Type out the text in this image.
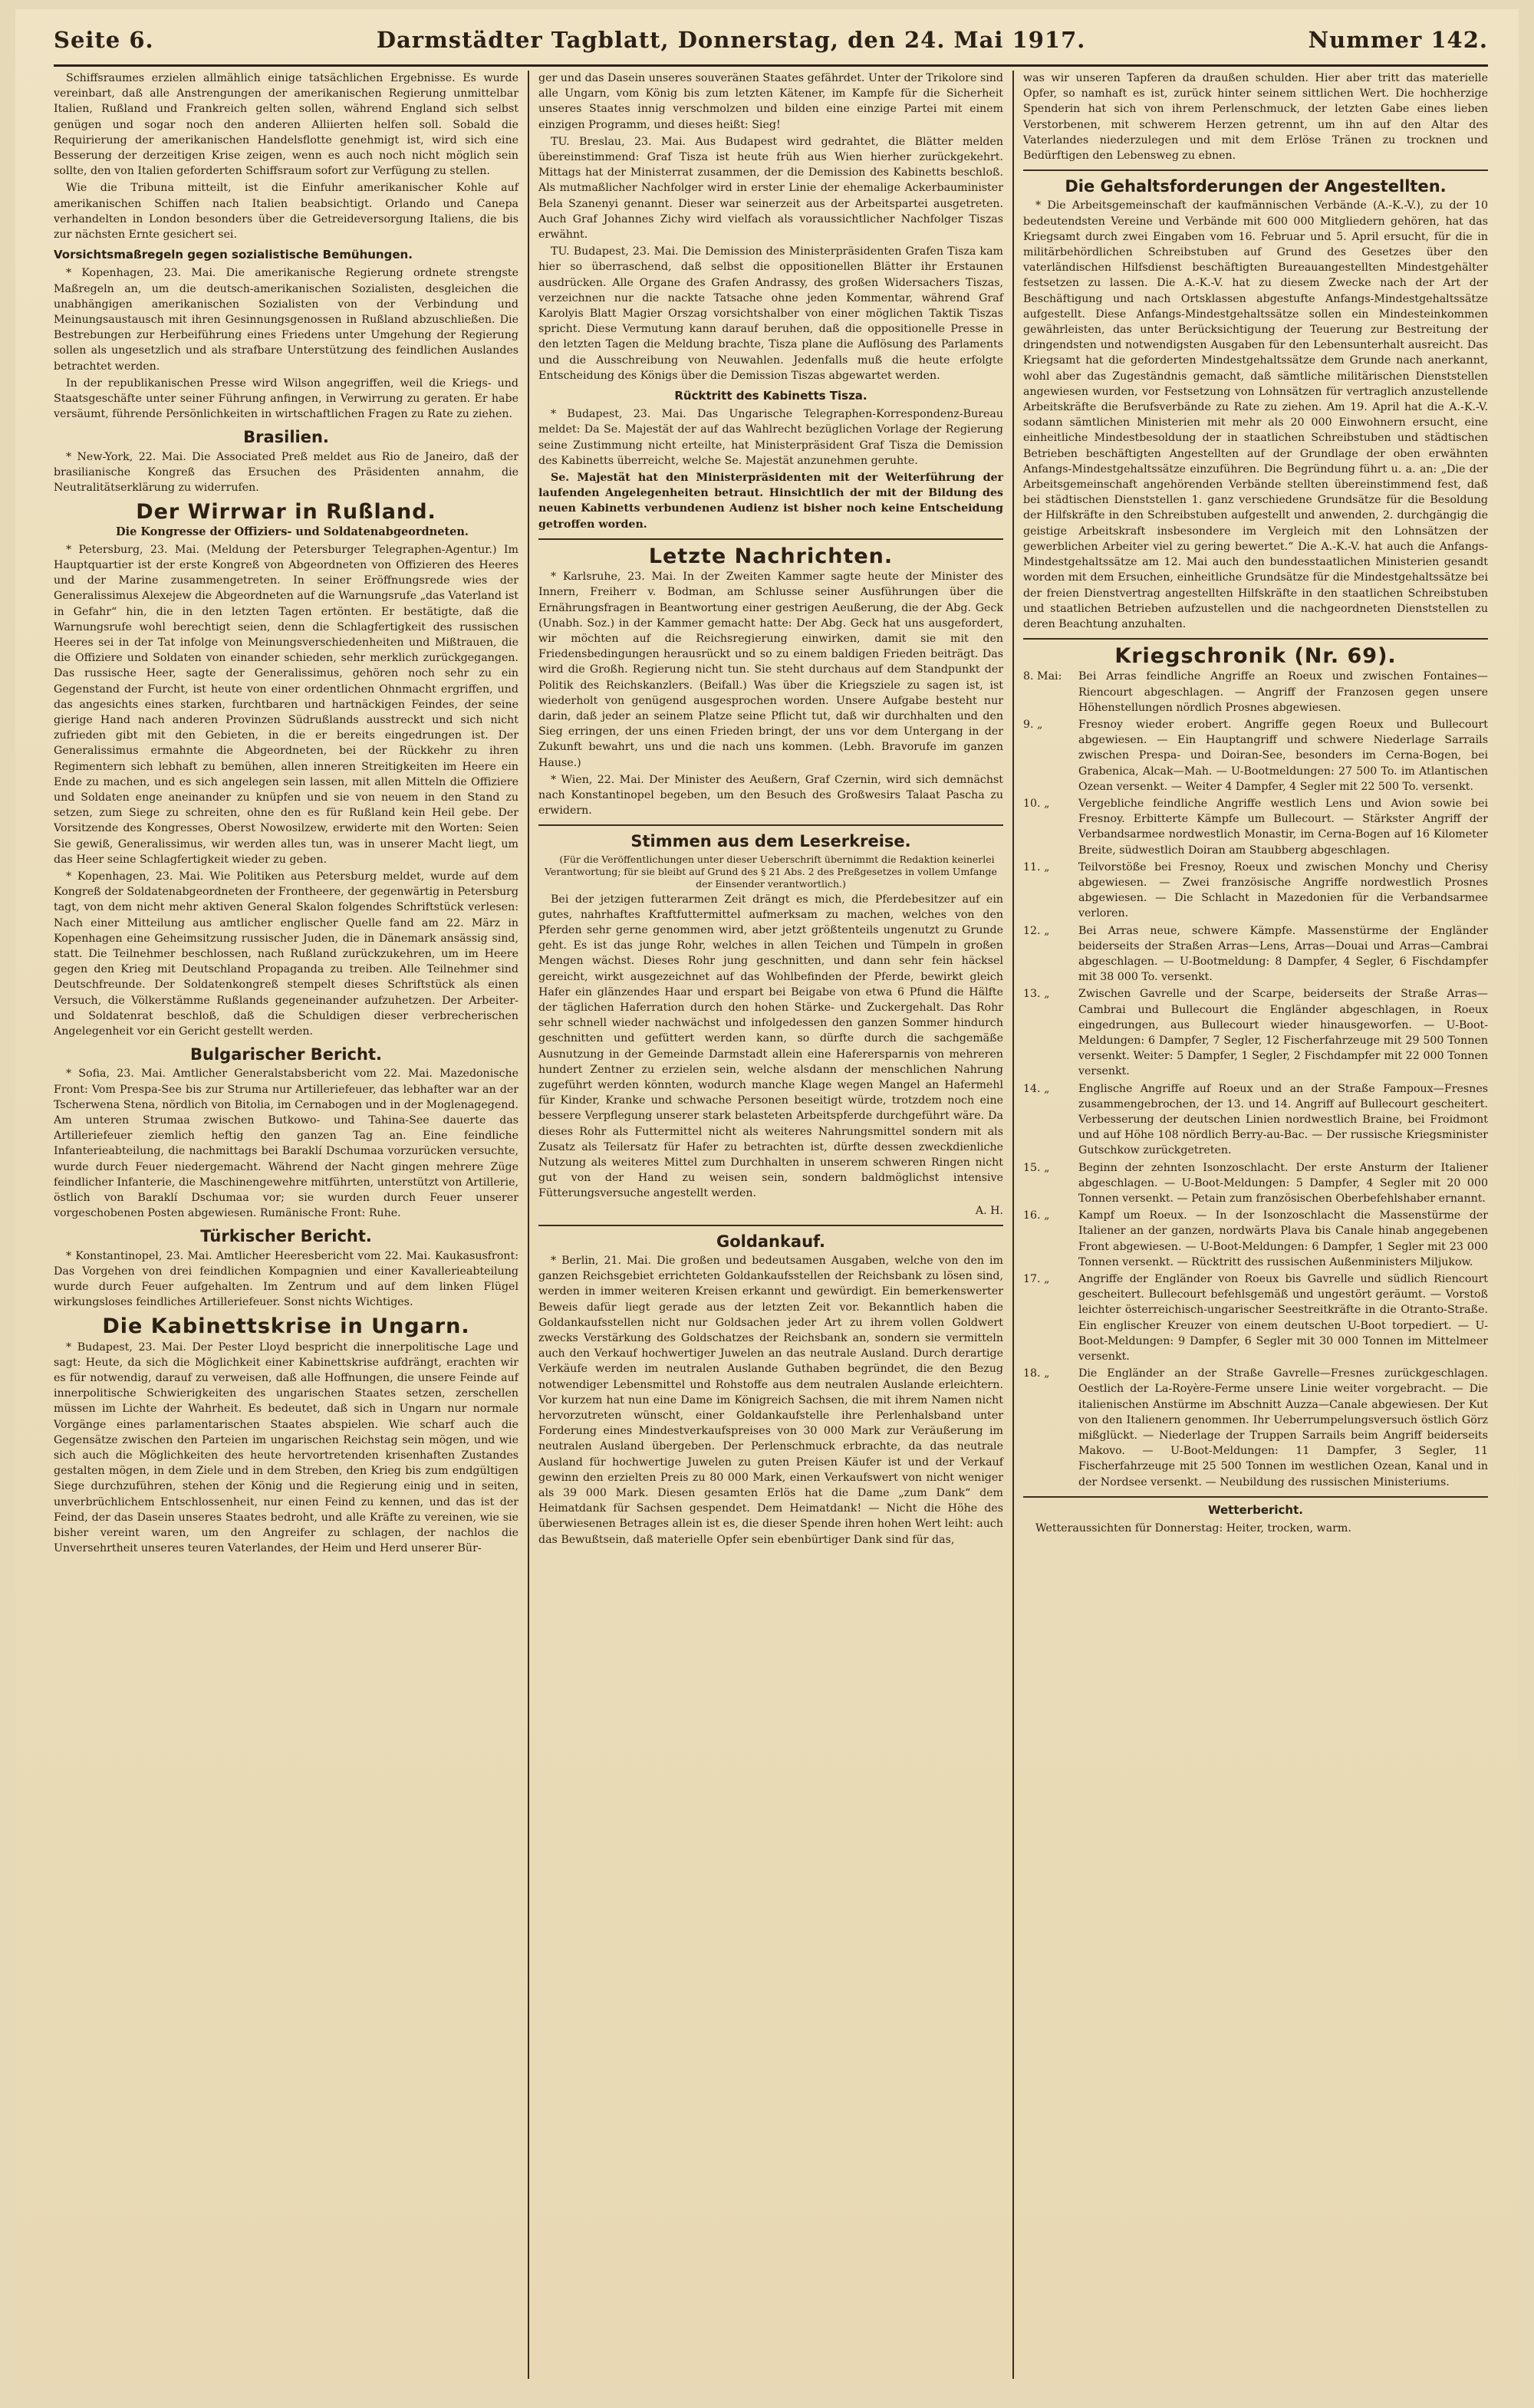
Seite 6.	Darmstädter Tagblatt, Donnerstag, den 24. Mai 1917.	Nummer 142.

Schiffsraumes erzielen allmählich einige tatsächlichen Ergebnisse. Es wurde vereinbart, daß alle Anstrengungen der amerikanischen Regierung unmittelbar Italien, Rußland und Frankreich gelten sollen, während England sich selbst genügen und sogar noch den anderen Alliierten helfen soll. Sobald die Requirierung der amerikanischen Handelsflotte genehmigt ist, wird sich eine Besserung der derzeitigen Krise zeigen, wenn es auch noch nicht möglich sein sollte, den von Italien geforderten Schiffsraum sofort zur Verfügung zu stellen.

Wie die Tribuna mitteilt, ist die Einfuhr amerikanischer Kohle auf amerikanischen Schiffen nach Italien beabsichtigt. Orlando und Canepa verhandelten in London besonders über die Getreideversorgung Italiens, die bis zur nächsten Ernte gesichert sei.

Vorsichtsmaßregeln gegen sozialistische Bemühungen.

* Kopenhagen, 23. Mai. Die amerikanische Regierung ordnete strengste Maßregeln an, um die deutsch-amerikanischen Sozialisten, desgleichen die unabhängigen amerikanischen Sozialisten von der Verbindung und Meinungsaustausch mit ihren Gesinnungsgenossen in Rußland abzuschließen. Die Bestrebungen zur Herbeiführung eines Friedens unter Umgehung der Regierung sollen als ungesetzlich und als strafbare Unterstützung des feindlichen Auslandes betrachtet werden.

In der republikanischen Presse wird Wilson angegriffen, weil die Kriegs- und Staatsgeschäfte unter seiner Führung anfingen, in Verwirrung zu geraten. Er habe versäumt, führende Persönlichkeiten in wirtschaftlichen Fragen zu Rate zu ziehen.

Brasilien.

* New-York, 22. Mai. Die Associated Preß meldet aus Rio de Janeiro, daß der brasilianische Kongreß das Ersuchen des Präsidenten annahm, die Neutralitätserklärung zu widerrufen.

Der Wirrwar in Rußland.

Die Kongresse der Offiziers- und Soldatenabgeordneten.

* Petersburg, 23. Mai. (Meldung der Petersburger Telegraphen-Agentur.) Im Hauptquartier ist der erste Kongreß von Abgeordneten von Offizieren des Heeres und der Marine zusammengetreten. In seiner Eröffnungsrede wies der Generalissimus Alexejew die Abgeordneten auf die Warnungsrufe „das Vaterland ist in Gefahr“ hin, die in den letzten Tagen ertönten. Er bestätigte, daß die Warnungsrufe wohl berechtigt seien, denn die Schlagfertigkeit des russischen Heeres sei in der Tat infolge von Meinungsverschiedenheiten und Mißtrauen, die die Offiziere und Soldaten von einander schieden, sehr merklich zurückgegangen. Das russische Heer, sagte der Generalissimus, gehören noch sehr zu ein Gegenstand der Furcht, ist heute von einer ordentlichen Ohnmacht ergriffen, und das angesichts eines starken, furchtbaren und hartnäckigen Feindes, der seine gierige Hand nach anderen Provinzen Südrußlands ausstreckt und sich nicht zufrieden gibt mit den Gebieten, in die er bereits eingedrungen ist. Der Generalissimus ermahnte die Abgeordneten, bei der Rückkehr zu ihren Regimentern sich lebhaft zu bemühen, allen inneren Streitigkeiten im Heere ein Ende zu machen, und es sich angelegen sein lassen, mit allen Mitteln die Offiziere und Soldaten enge aneinander zu knüpfen und sie von neuem in den Stand zu setzen, zum Siege zu schreiten, ohne den es für Rußland kein Heil gebe. Der Vorsitzende des Kongresses, Oberst Nowosilzew, erwiderte mit den Worten: Seien Sie gewiß, Generalissimus, wir werden alles tun, was in unserer Macht liegt, um das Heer seine Schlagfertigkeit wieder zu geben.

* Kopenhagen, 23. Mai. Wie Politiken aus Petersburg meldet, wurde auf dem Kongreß der Soldatenabgeordneten der Frontheere, der gegenwärtig in Petersburg tagt, von dem nicht mehr aktiven General Skalon folgendes Schriftstück verlesen: Nach einer Mitteilung aus amtlicher englischer Quelle fand am 22. März in Kopenhagen eine Geheimsitzung russischer Juden, die in Dänemark ansässig sind, statt. Die Teilnehmer beschlossen, nach Rußland zurückzukehren, um im Heere gegen den Krieg mit Deutschland Propaganda zu treiben. Alle Teilnehmer sind Deutschfreunde. Der Soldatenkongreß stempelt dieses Schriftstück als einen Versuch, die Völkerstämme Rußlands gegeneinander aufzuhetzen. Der Arbeiter- und Soldatenrat beschloß, daß die Schuldigen dieser verbrecherischen Angelegenheit vor ein Gericht gestellt werden.

Bulgarischer Bericht.

* Sofia, 23. Mai. Amtlicher Generalstabsbericht vom 22. Mai. Mazedonische Front: Vom Prespa-See bis zur Struma nur Artilleriefeuer, das lebhafter war an der Tscherwena Stena, nördlich von Bitolia, im Cernabogen und in der Moglenagegend. Am unteren Strumaa zwischen Butkowo- und Tahina-See dauerte das Artilleriefeuer ziemlich heftig den ganzen Tag an. Eine feindliche Infanterieabteilung, die nachmittags bei Baraklí Dschumaa vorzurücken versuchte, wurde durch Feuer niedergemacht. Während der Nacht gingen mehrere Züge feindlicher Infanterie, die Maschinengewehre mitführten, unterstützt von Artillerie, östlich von Baraklí Dschumaa vor; sie wurden durch Feuer unserer vorgeschobenen Posten abgewiesen. Rumänische Front: Ruhe.

Türkischer Bericht.

* Konstantinopel, 23. Mai. Amtlicher Heeresbericht vom 22. Mai. Kaukasusfront: Das Vorgehen von drei feindlichen Kompagnien und einer Kavallerieabteilung wurde durch Feuer aufgehalten. Im Zentrum und auf dem linken Flügel wirkungsloses feindliches Artilleriefeuer. Sonst nichts Wichtiges.

Die Kabinettskrise in Ungarn.

* Budapest, 23. Mai. Der Pester Lloyd bespricht die innerpolitische Lage und sagt: Heute, da sich die Möglichkeit einer Kabinettskrise aufdrängt, erachten wir es für notwendig, darauf zu verweisen, daß alle Hoffnungen, die unsere Feinde auf innerpolitische Schwierigkeiten des ungarischen Staates setzen, zerschellen müssen im Lichte der Wahrheit. Es bedeutet, daß sich in Ungarn nur normale Vorgänge eines parlamentarischen Staates abspielen. Wie scharf auch die Gegensätze zwischen den Parteien im ungarischen Reichstag sein mögen, und wie sich auch die Möglichkeiten des heute hervortretenden krisenhaften Zustandes gestalten mögen, in dem Ziele und in dem Streben, den Krieg bis zum endgültigen Siege durchzuführen, stehen der König und die Regierung einig und in seiten, unverbrüchlichem Entschlossenheit, nur einen Feind zu kennen, und das ist der Feind, der das Dasein unseres Staates bedroht, und alle Kräfte zu vereinen, wie sie bisher vereint waren, um den Angreifer zu schlagen, der nachlos die Unversehrtheit unseres teuren Vaterlandes, der Heim und Herd unserer Bür-

ger und das Dasein unseres souveränen Staates gefährdet. Unter der Trikolore sind alle Ungarn, vom König bis zum letzten Kätener, im Kampfe für die Sicherheit unseres Staates innig verschmolzen und bilden eine einzige Partei mit einem einzigen Programm, und dieses heißt: Sieg!

TU. Breslau, 23. Mai. Aus Budapest wird gedrahtet, die Blätter melden übereinstimmend: Graf Tisza ist heute früh aus Wien hierher zurückgekehrt. Mittags hat der Ministerrat zusammen, der die Demission des Kabinetts beschloß. Als mutmaßlicher Nachfolger wird in erster Linie der ehemalige Ackerbauminister Bela Szanenyi genannt. Dieser war seinerzeit aus der Arbeitspartei ausgetreten. Auch Graf Johannes Zichy wird vielfach als voraussichtlicher Nachfolger Tiszas erwähnt.

TU. Budapest, 23. Mai. Die Demission des Ministerpräsidenten Grafen Tisza kam hier so überraschend, daß selbst die oppositionellen Blätter ihr Erstaunen ausdrücken. Alle Organe des Grafen Andrassy, des großen Widersachers Tiszas, verzeichnen nur die nackte Tatsache ohne jeden Kommentar, während Graf Karolyis Blatt Magier Orszag vorsichtshalber von einer möglichen Taktik Tiszas spricht. Diese Vermutung kann darauf beruhen, daß die oppositionelle Presse in den letzten Tagen die Meldung brachte, Tisza plane die Auflösung des Parlaments und die Ausschreibung von Neuwahlen. Jedenfalls muß die heute erfolgte Entscheidung des Königs über die Demission Tiszas abgewartet werden.

Rücktritt des Kabinetts Tisza.

* Budapest, 23. Mai. Das Ungarische Telegraphen-Korrespondenz-Bureau meldet: Da Se. Majestät der auf das Wahlrecht bezüglichen Vorlage der Regierung seine Zustimmung nicht erteilte, hat Ministerpräsident Graf Tisza die Demission des Kabinetts überreicht, welche Se. Majestät anzunehmen geruhte.

Se. Majestät hat den Ministerpräsidenten mit der Weiterführung der laufenden Angelegenheiten betraut. Hinsichtlich der mit der Bildung des neuen Kabinetts verbundenen Audienz ist bisher noch keine Entscheidung getroffen worden.

Letzte Nachrichten.

* Karlsruhe, 23. Mai. In der Zweiten Kammer sagte heute der Minister des Innern, Freiherr v. Bodman, am Schlusse seiner Ausführungen über die Ernährungsfragen in Beantwortung einer gestrigen Aeußerung, die der Abg. Geck (Unabh. Soz.) in der Kammer gemacht hatte: Der Abg. Geck hat uns ausgefordert, wir möchten auf die Reichsregierung einwirken, damit sie mit den Friedensbedingungen herausrückt und so zu einem baldigen Frieden beiträgt. Das wird die Großh. Regierung nicht tun. Sie steht durchaus auf dem Standpunkt der Politik des Reichskanzlers. (Beifall.) Was über die Kriegsziele zu sagen ist, ist wiederholt von genügend ausgesprochen worden. Unsere Aufgabe besteht nur darin, daß jeder an seinem Platze seine Pflicht tut, daß wir durchhalten und den Sieg erringen, der uns einen Frieden bringt, der uns vor dem Untergang in der Zukunft bewahrt, uns und die nach uns kommen. (Lebh. Bravorufe im ganzen Hause.)

* Wien, 22. Mai. Der Minister des Aeußern, Graf Czernin, wird sich demnächst nach Konstantinopel begeben, um den Besuch des Großwesirs Talaat Pascha zu erwidern.

Stimmen aus dem Leserkreise.

(Für die Veröffentlichungen unter dieser Ueberschrift übernimmt die Redaktion keinerlei Verantwortung; für sie bleibt auf Grund des § 21 Abs. 2 des Preßgesetzes in vollem Umfange der Einsender verantwortlich.)

Bei der jetzigen futterarmen Zeit drängt es mich, die Pferdebesitzer auf ein gutes, nahrhaftes Kraftfuttermittel aufmerksam zu machen, welches von den Pferden sehr gerne genommen wird, aber jetzt größtenteils ungenutzt zu Grunde geht. Es ist das junge Rohr, welches in allen Teichen und Tümpeln in großen Mengen wächst. Dieses Rohr jung geschnitten, und dann sehr fein häcksel gereicht, wirkt ausgezeichnet auf das Wohlbefinden der Pferde, bewirkt gleich Hafer ein glänzendes Haar und erspart bei Beigabe von etwa 6 Pfund die Hälfte der täglichen Haferration durch den hohen Stärke- und Zuckergehalt. Das Rohr sehr schnell wieder nachwächst und infolgedessen den ganzen Sommer hindurch geschnitten und gefüttert werden kann, so dürfte durch die sachgemäße Ausnutzung in der Gemeinde Darmstadt allein eine Haferersparnis von mehreren hundert Zentner zu erzielen sein, welche alsdann der menschlichen Nahrung zugeführt werden könnten, wodurch manche Klage wegen Mangel an Hafermehl für Kinder, Kranke und schwache Personen beseitigt würde, trotzdem noch eine bessere Verpflegung unserer stark belasteten Arbeitspferde durchgeführt wäre. Da dieses Rohr als Futtermittel nicht als weiteres Nahrungsmittel sondern mit als Zusatz als Teilersatz für Hafer zu betrachten ist, dürfte dessen zweckdienliche Nutzung als weiteres Mittel zum Durchhalten in unserem schweren Ringen nicht gut von der Hand zu weisen sein, sondern baldmöglichst intensive Fütterungsversuche angestellt werden.

A. H.

Goldankauf.

* Berlin, 21. Mai. Die großen und bedeutsamen Ausgaben, welche von den im ganzen Reichsgebiet errichteten Goldankaufsstellen der Reichsbank zu lösen sind, werden in immer weiteren Kreisen erkannt und gewürdigt. Ein bemerkenswerter Beweis dafür liegt gerade aus der letzten Zeit vor. Bekanntlich haben die Goldankaufsstellen nicht nur Goldsachen jeder Art zu ihrem vollen Goldwert zwecks Verstärkung des Goldschatzes der Reichsbank an, sondern sie vermitteln auch den Verkauf hochwertiger Juwelen an das neutrale Ausland. Durch derartige Verkäufe werden im neutralen Auslande Guthaben begründet, die den Bezug notwendiger Lebensmittel und Rohstoffe aus dem neutralen Auslande erleichtern. Vor kurzem hat nun eine Dame im Königreich Sachsen, die mit ihrem Namen nicht hervorzutreten wünscht, einer Goldankaufstelle ihre Perlenhalsband unter Forderung eines Mindestverkaufspreises von 30 000 Mark zur Veräußerung im neutralen Ausland übergeben. Der Perlenschmuck erbrachte, da das neutrale Ausland für hochwertige Juwelen zu guten Preisen Käufer ist und der Verkauf gewinn den erzielten Preis zu 80 000 Mark, einen Verkaufswert von nicht weniger als 39 000 Mark. Diesen gesamten Erlös hat die Dame „zum Dank“ dem Heimatdank für Sachsen gespendet. Dem Heimatdank! — Nicht die Höhe des überwiesenen Betrages allein ist es, die dieser Spende ihren hohen Wert leiht: auch das Bewußtsein, daß materielle Opfer sein ebenbürtiger Dank sind für das,

was wir unseren Tapferen da draußen schulden. Hier aber tritt das materielle Opfer, so namhaft es ist, zurück hinter seinem sittlichen Wert. Die hochherzige Spenderin hat sich von ihrem Perlenschmuck, der letzten Gabe eines lieben Verstorbenen, mit schwerem Herzen getrennt, um ihn auf den Altar des Vaterlandes niederzulegen und mit dem Erlöse Tränen zu trocknen und Bedürftigen den Lebensweg zu ebnen.

Die Gehaltsforderungen der Angestellten.

* Die Arbeitsgemeinschaft der kaufmännischen Verbände (A.-K.-V.), zu der 10 bedeutendsten Vereine und Verbände mit 600 000 Mitgliedern gehören, hat das Kriegsamt durch zwei Eingaben vom 16. Februar und 5. April ersucht, für die in militärbehördlichen Schreibstuben auf Grund des Gesetzes über den vaterländischen Hilfsdienst beschäftigten Bureauangestellten Mindestgehälter festsetzen zu lassen. Die A.-K.-V. hat zu diesem Zwecke nach der Art der Beschäftigung und nach Ortsklassen abgestufte Anfangs-Mindestgehaltssätze aufgestellt. Diese Anfangs-Mindestgehaltssätze sollen ein Mindesteinkommen gewährleisten, das unter Berücksichtigung der Teuerung zur Bestreitung der dringendsten und notwendigsten Ausgaben für den Lebensunterhalt ausreicht. Das Kriegsamt hat die geforderten Mindestgehaltssätze dem Grunde nach anerkannt, wohl aber das Zugeständnis gemacht, daß sämtliche militärischen Dienststellen angewiesen wurden, vor Festsetzung von Lohnsätzen für vertraglich anzustellende Arbeitskräfte die Berufsverbände zu Rate zu ziehen. Am 19. April hat die A.-K.-V. sodann sämtlichen Ministerien mit mehr als 20 000 Einwohnern ersucht, eine einheitliche Mindestbesoldung der in staatlichen Schreibstuben und städtischen Betrieben beschäftigten Angestellten auf der Grundlage der oben erwähnten Anfangs-Mindestgehaltssätze einzuführen. Die Begründung führt u. a. an: „Die der Arbeitsgemeinschaft angehörenden Verbände stellten übereinstimmend fest, daß bei städtischen Dienststellen 1. ganz verschiedene Grundsätze für die Besoldung der Hilfskräfte in den Schreibstuben aufgestellt und anwenden, 2. durchgängig die geistige Arbeitskraft insbesondere im Vergleich mit den Lohnsätzen der gewerblichen Arbeiter viel zu gering bewertet.“ Die A.-K.-V. hat auch die Anfangs-Mindestgehaltssätze am 12. Mai auch den bundesstaatlichen Ministerien gesandt worden mit dem Ersuchen, einheitliche Grundsätze für die Mindestgehaltssätze bei der freien Dienstvertrag angestellten Hilfskräfte in den staatlichen Schreibstuben und staatlichen Betrieben aufzustellen und die nachgeordneten Dienststellen zu deren Beachtung anzuhalten.

Kriegschronik (Nr. 69).
8. Mai:	Bei Arras feindliche Angriffe an Roeux und zwischen Fontaines—Riencourt abgeschlagen. — Angriff der Franzosen gegen unsere Höhenstellungen nördlich Prosnes abgewiesen.
9. „	Fresnoy wieder erobert. Angriffe gegen Roeux und Bullecourt abgewiesen. — Ein Hauptangriff und schwere Niederlage Sarrails zwischen Prespa- und Doiran-See, besonders im Cerna-Bogen, bei Grabenica, Alcak—Mah. — U-Bootmeldungen: 27 500 To. im Atlantischen Ozean versenkt. — Weiter 4 Dampfer, 4 Segler mit 22 500 To. versenkt.
10. „	Vergebliche feindliche Angriffe westlich Lens und Avion sowie bei Fresnoy. Erbitterte Kämpfe um Bullecourt. — Stärkster Angriff der Verbandsarmee nordwestlich Monastir, im Cerna-Bogen auf 16 Kilometer Breite, südwestlich Doiran am Staubberg abgeschlagen.
11. „	Teilvorstöße bei Fresnoy, Roeux und zwischen Monchy und Cherisy abgewiesen. — Zwei französische Angriffe nordwestlich Prosnes abgewiesen. — Die Schlacht in Mazedonien für die Verbandsarmee verloren.
12. „	Bei Arras neue, schwere Kämpfe. Massenstürme der Engländer beiderseits der Straßen Arras—Lens, Arras—Douai und Arras—Cambrai abgeschlagen. — U-Bootmeldung: 8 Dampfer, 4 Segler, 6 Fischdampfer mit 38 000 To. versenkt.
13. „	Zwischen Gavrelle und der Scarpe, beiderseits der Straße Arras—Cambrai und Bullecourt die Engländer abgeschlagen, in Roeux eingedrungen, aus Bullecourt wieder hinausgeworfen. — U-Boot-Meldungen: 6 Dampfer, 7 Segler, 12 Fischerfahrzeuge mit 29 500 Tonnen versenkt. Weiter: 5 Dampfer, 1 Segler, 2 Fischdampfer mit 22 000 Tonnen versenkt.
14. „	Englische Angriffe auf Roeux und an der Straße Fampoux—Fresnes zusammengebrochen, der 13. und 14. Angriff auf Bullecourt gescheitert. Verbesserung der deutschen Linien nordwestlich Braine, bei Froidmont und auf Höhe 108 nördlich Berry-au-Bac. — Der russische Kriegsminister Gutschkow zurückgetreten.
15. „	Beginn der zehnten Isonzoschlacht. Der erste Ansturm der Italiener abgeschlagen. — U-Boot-Meldungen: 5 Dampfer, 4 Segler mit 20 000 Tonnen versenkt. — Petain zum französischen Oberbefehlshaber ernannt.
16. „	Kampf um Roeux. — In der Isonzoschlacht die Massenstürme der Italiener an der ganzen, nordwärts Plava bis Canale hinab angegebenen Front abgewiesen. — U-Boot-Meldungen: 6 Dampfer, 1 Segler mit 23 000 Tonnen versenkt. — Rücktritt des russischen Außenministers Miljukow.
17. „	Angriffe der Engländer von Roeux bis Gavrelle und südlich Riencourt gescheitert. Bullecourt befehlsgemäß und ungestört geräumt. — Vorstoß leichter österreichisch-ungarischer Seestreitkräfte in die Otranto-Straße. Ein englischer Kreuzer von einem deutschen U-Boot torpediert. — U-Boot-Meldungen: 9 Dampfer, 6 Segler mit 30 000 Tonnen im Mittelmeer versenkt.
18. „	Die Engländer an der Straße Gavrelle—Fresnes zurückgeschlagen. Oestlich der La-Royère-Ferme unsere Linie weiter vorgebracht. — Die italienischen Anstürme im Abschnitt Auzza—Canale abgewiesen. Der Kut von den Italienern genommen. Ihr Ueberrumpelungsversuch östlich Görz mißglückt. — Niederlage der Truppen Sarrails beim Angriff beiderseits Makovo. — U-Boot-Meldungen: 11 Dampfer, 3 Segler, 11 Fischerfahrzeuge mit 25 500 Tonnen im westlichen Ozean, Kanal und in der Nordsee versenkt. — Neubildung des russischen Ministeriums.
Wetterbericht.

Wetteraussichten für Donnerstag: Heiter, trocken, warm.
